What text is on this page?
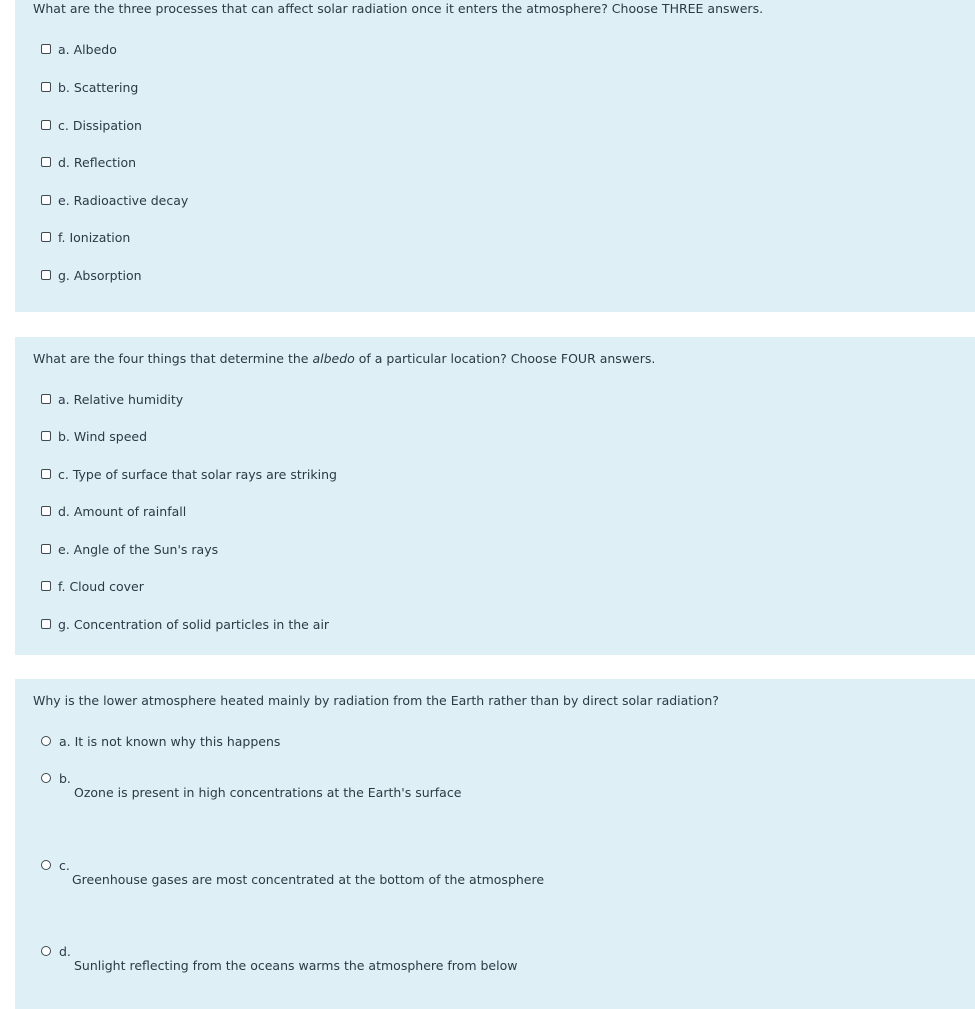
What are the three processes that can affect solar radiation once it enters the atmosphere? Choose THREE answers.

a. Albedo
b. Scattering
c. Dissipation
d. Reflection
e. Radioactive decay
f. Ionization
g. Absorption

What are the four things that determine the albedo of a particular location? Choose FOUR answers.

a. Relative humidity
b. Wind speed
c. Type of surface that solar rays are striking
d. Amount of rainfall
e. Angle of the Sun's rays
f. Cloud cover
g. Concentration of solid particles in the air

Why is the lower atmosphere heated mainly by radiation from the Earth rather than by direct solar radiation?

a.
It is not known why this happens
b.
Ozone is present in high concentrations at the Earth's surface
c.
Greenhouse gases are most concentrated at the bottom of the atmosphere
d.
Sunlight reflecting from the oceans warms the atmosphere from below
